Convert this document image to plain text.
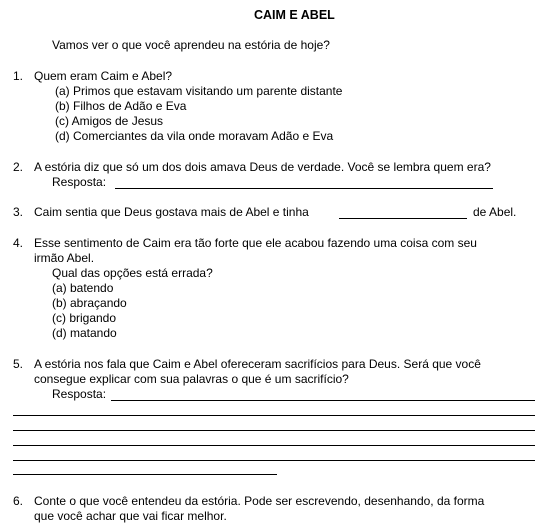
CAIM E ABEL
Vamos ver o que você aprendeu na estória de hoje?
1. Quem eram Caim e Abel?
(a) Primos que estavam visitando um parente distante
(b) Filhos de Adão e Eva
(c) Amigos de Jesus
(d) Comerciantes da vila onde moravam Adão e Eva
2. A estória diz que só um dos dois amava Deus de verdade. Você se lembra quem era?
Resposta:
3. Caim sentia que Deus gostava mais de Abel e tinha	de Abel.
4. Esse sentimento de Caim era tão forte que ele acabou fazendo uma coisa com seu
irmão Abel.
Qual das opções está errada?
(a) batendo
(b) abraçando
(c) brigando
(d) matando
5. A estória nos fala que Caim e Abel ofereceram sacrifícios para Deus. Será que você
consegue explicar com sua palavras o que é um sacrifício?
Resposta:
6. Conte o que você entendeu da estória. Pode ser escrevendo, desenhando, da forma
que você achar que vai ficar melhor.
